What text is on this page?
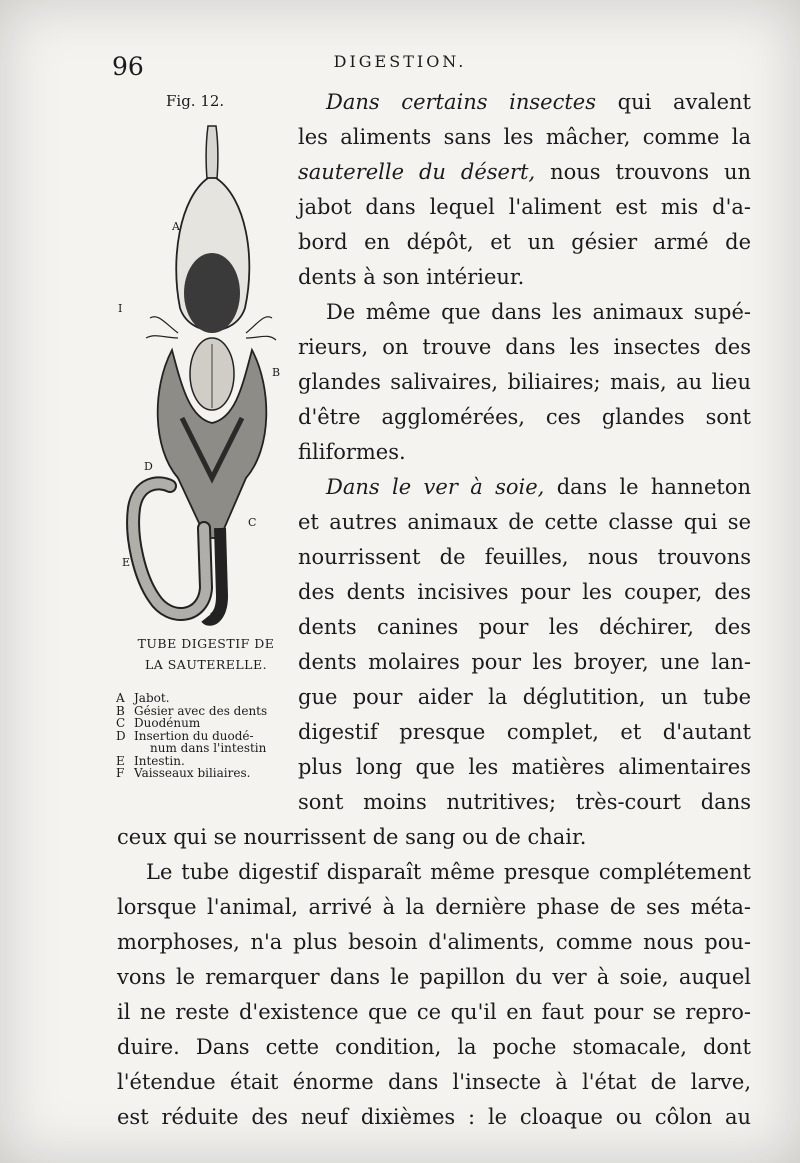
96	DIGESTION.
Fig. 12.
A
I
B
D
C
E
TUBE DIGESTIF DE
LA SAUTERELLE.
A Jabot.
B Gésier avec des dents
C Duodénum
D Insertion du duodé-
num dans l'intestin
E Intestin.
F Vaisseaux biliaires.
Dans certains insectes qui avalent
les aliments sans les mâcher, comme la
sauterelle du désert, nous trouvons un
jabot dans lequel l'aliment est mis d'a-
bord en dépôt, et un gésier armé de
dents à son intérieur.
De même que dans les animaux supé-
rieurs, on trouve dans les insectes des
glandes salivaires, biliaires; mais, au lieu
d'être agglomérées, ces glandes sont
filiformes.
Dans le ver à soie, dans le hanneton
et autres animaux de cette classe qui se
nourrissent de feuilles, nous trouvons
des dents incisives pour les couper, des
dents canines pour les déchirer, des
dents molaires pour les broyer, une lan-
gue pour aider la déglutition, un tube
digestif presque complet, et d'autant
plus long que les matières alimentaires
sont moins nutritives; très-court dans
ceux qui se nourrissent de sang ou de chair.
Le tube digestif disparaît même presque complétement
lorsque l'animal, arrivé à la dernière phase de ses méta-
morphoses, n'a plus besoin d'aliments, comme nous pou-
vons le remarquer dans le papillon du ver à soie, auquel
il ne reste d'existence que ce qu'il en faut pour se repro-
duire. Dans cette condition, la poche stomacale, dont
l'étendue était énorme dans l'insecte à l'état de larve,
est réduite des neuf dixièmes : le cloaque ou côlon au
